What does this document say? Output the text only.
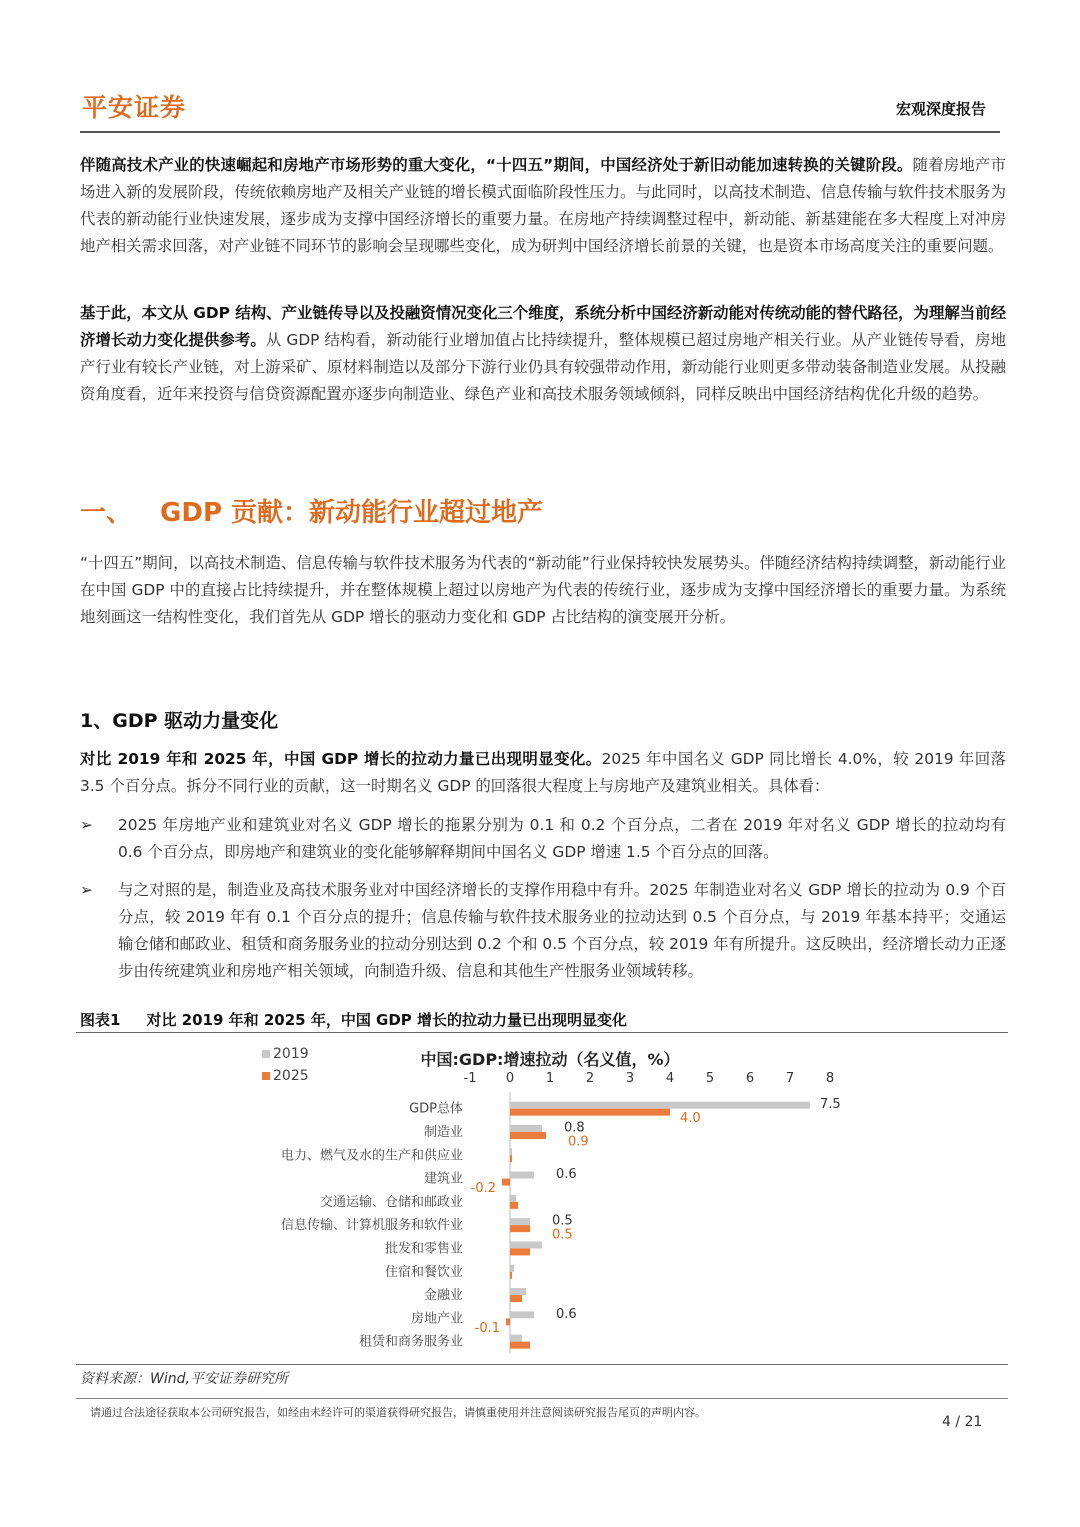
平安证券	宏观深度报告

伴随高技术产业的快速崛起和房地产市场形势的重大变化，“十四五”期间，中国经济处于新旧动能加速转换的关键阶段。随着房地产市场进入新的发展阶段，传统依赖房地产及相关产业链的增长模式面临阶段性压力。与此同时，以高技术制造、信息传输与软件技术服务为代表的新动能行业快速发展，逐步成为支撑中国经济增长的重要力量。在房地产持续调整过程中，新动能、新基建能在多大程度上对冲房地产相关需求回落，对产业链不同环节的影响会呈现哪些变化，成为研判中国经济增长前景的关键，也是资本市场高度关注的重要问题。

基于此，本文从 GDP 结构、产业链传导以及投融资情况变化三个维度，系统分析中国经济新动能对传统动能的替代路径，为理解当前经济增长动力变化提供参考。从 GDP 结构看，新动能行业增加值占比持续提升，整体规模已超过房地产相关行业。从产业链传导看，房地产行业有较长产业链，对上游采矿、原材料制造以及部分下游行业仍具有较强带动作用，新动能行业则更多带动装备制造业发展。从投融资角度看，近年来投资与信贷资源配置亦逐步向制造业、绿色产业和高技术服务领域倾斜，同样反映出中国经济结构优化升级的趋势。

一、 GDP 贡献：新动能行业超过地产

“十四五”期间，以高技术制造、信息传输与软件技术服务为代表的“新动能”行业保持较快发展势头。伴随经济结构持续调整，新动能行业在中国 GDP 中的直接占比持续提升，并在整体规模上超过以房地产为代表的传统行业，逐步成为支撑中国经济增长的重要力量。为系统地刻画这一结构性变化，我们首先从 GDP 增长的驱动力变化和 GDP 占比结构的演变展开分析。

1、GDP 驱动力量变化

对比 2019 年和 2025 年，中国 GDP 增长的拉动力量已出现明显变化。2025 年中国名义 GDP 同比增长 4.0%，较 2019 年回落 3.5 个百分点。拆分不同行业的贡献，这一时期名义 GDP 的回落很大程度上与房地产及建筑业相关。具体看：

➢	2025 年房地产业和建筑业对名义 GDP 增长的拖累分别为 0.1 和 0.2 个百分点，二者在 2019 年对名义 GDP 增长的拉动均有 0.6 个百分点，即房地产和建筑业的变化能够解释期间中国名义 GDP 增速 1.5 个百分点的回落。
➢	与之对照的是，制造业及高技术服务业对中国经济增长的支撑作用稳中有升。2025 年制造业对名义 GDP 增长的拉动为 0.9 个百分点，较 2019 年有 0.1 个百分点的提升；信息传输与软件技术服务业的拉动达到 0.5 个百分点，与 2019 年基本持平；交通运输仓储和邮政业、租赁和商务服务业的拉动分别达到 0.2 个和 0.5 个百分点，较 2019 年有所提升。这反映出，经济增长动力正逐步由传统建筑业和房地产相关领域，向制造升级、信息和其他生产性服务业领域转移。
图表1 对比 2019 年和 2025 年，中国 GDP 增长的拉动力量已出现明显变化
中国:GDP:增速拉动（名义值，%）
2019
2025	-1 0 1 2 3 4 5 6 7 8
GDP总体
制造业
电力、燃气及水的生产和供应业
建筑业
交通运输、仓储和邮政业
信息传输、计算机服务和软件业
批发和零售业
住宿和餐饮业
金融业
房地产业
租赁和商务服务业
7.5
4.0
0.8
0.9
0.6
-0.2
0.5
0.5
0.6
-0.1
资料来源：Wind,平安证券研究所
请通过合法途径获取本公司研究报告，如经由未经许可的渠道获得研究报告，请慎重使用并注意阅读研究报告尾页的声明内容。
4 / 21
